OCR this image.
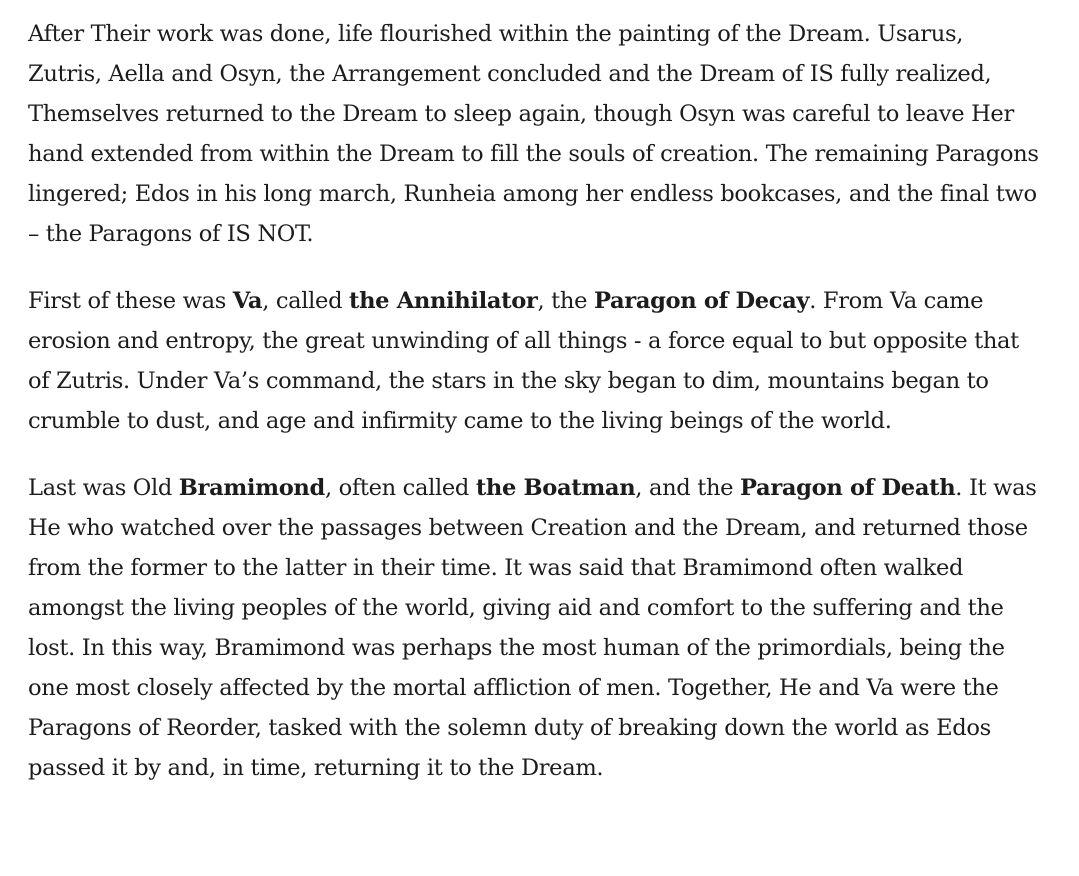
After Their work was done, life flourished within the painting of the Dream. Usarus, Zutris, Aella and Osyn, the Arrangement concluded and the Dream of IS fully realized, Themselves returned to the Dream to sleep again, though Osyn was careful to leave Her hand extended from within the Dream to fill the souls of creation. The remaining Paragons lingered; Edos in his long march, Runheia among her endless bookcases, and the final two – the Paragons of IS NOT.

First of these was Va, called the Annihilator, the Paragon of Decay. From Va came erosion and entropy, the great unwinding of all things - a force equal to but opposite that of Zutris. Under Va’s command, the stars in the sky began to dim, mountains began to crumble to dust, and age and infirmity came to the living beings of the world.

Last was Old Bramimond, often called the Boatman, and the Paragon of Death. It was He who watched over the passages between Creation and the Dream, and returned those from the former to the latter in their time. It was said that Bramimond often walked amongst the living peoples of the world, giving aid and comfort to the suffering and the lost. In this way, Bramimond was perhaps the most human of the primordials, being the one most closely affected by the mortal affliction of men. Together, He and Va were the Paragons of Reorder, tasked with the solemn duty of breaking down the world as Edos passed it by and, in time, returning it to the Dream.
